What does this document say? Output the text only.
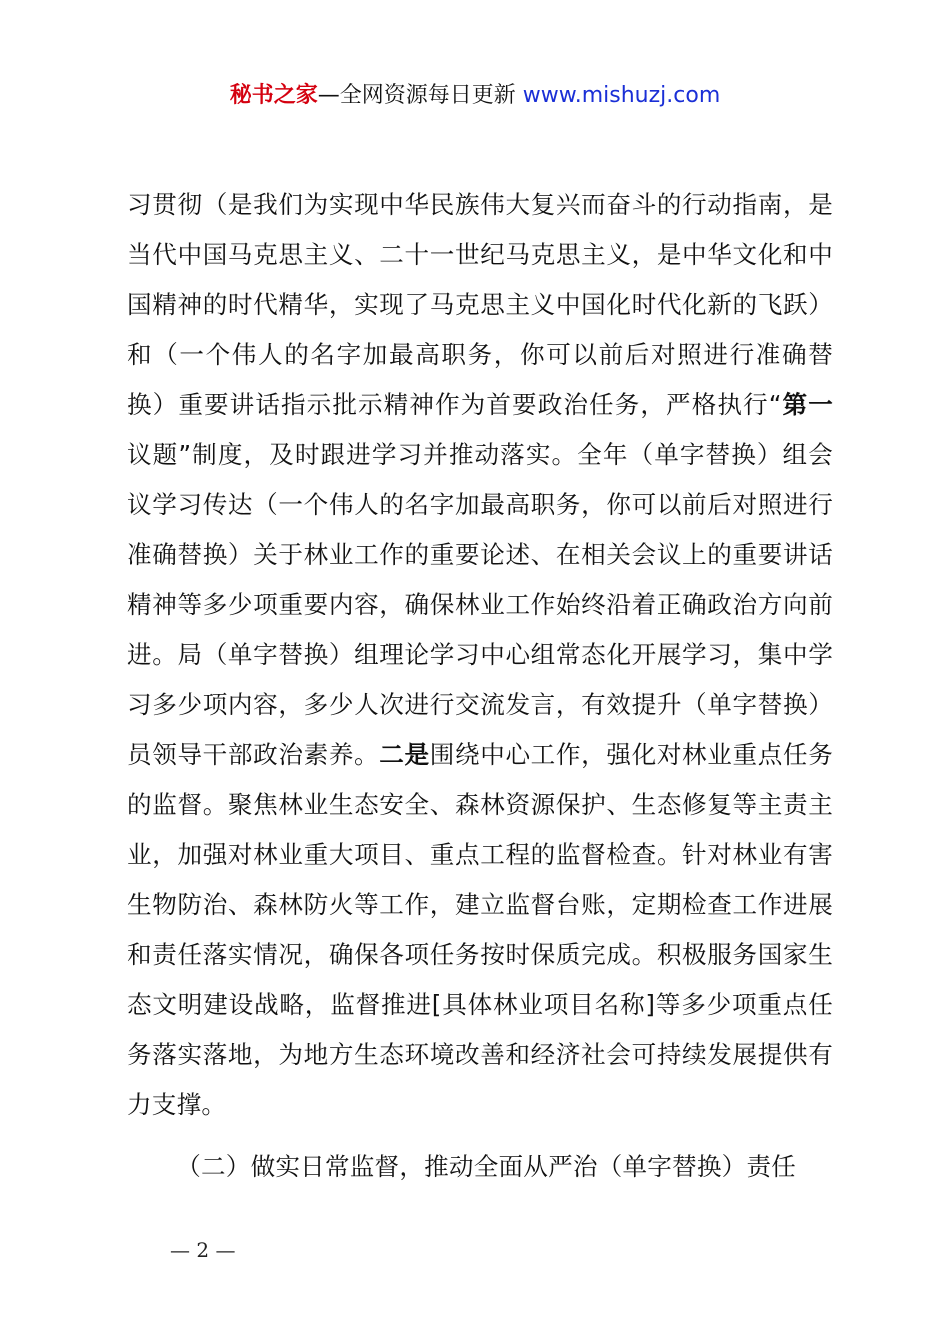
秘书之家—全网资源每日更新 www.mishuzj.com

习贯彻（是我们为实现中华民族伟大复兴而奋斗的行动指南，是当代中国马克思主义、二十一世纪马克思主义，是中华文化和中国精神的时代精华，实现了马克思主义中国化时代化新的飞跃）和（一个伟人的名字加最高职务，你可以前后对照进行准确替换）重要讲话指示批示精神作为首要政治任务，严格执行“第一议题”制度，及时跟进学习并推动落实。全年（单字替换）组会议学习传达（一个伟人的名字加最高职务，你可以前后对照进行准确替换）关于林业工作的重要论述、在相关会议上的重要讲话精神等多少项重要内容，确保林业工作始终沿着正确政治方向前进。局（单字替换）组理论学习中心组常态化开展学习，集中学习多少项内容，多少人次进行交流发言，有效提升（单字替换）员领导干部政治素养。二是围绕中心工作，强化对林业重点任务的监督。聚焦林业生态安全、森林资源保护、生态修复等主责主业，加强对林业重大项目、重点工程的监督检查。针对林业有害生物防治、森林防火等工作，建立监督台账，定期检查工作进展和责任落实情况，确保各项任务按时保质完成。积极服务国家生态文明建设战略，监督推进[具体林业项目名称]等多少项重点任务落实落地，为地方生态环境改善和经济社会可持续发展提供有力支撑。

（二）做实日常监督，推动全面从严治（单字替换）责任

— 2 —
